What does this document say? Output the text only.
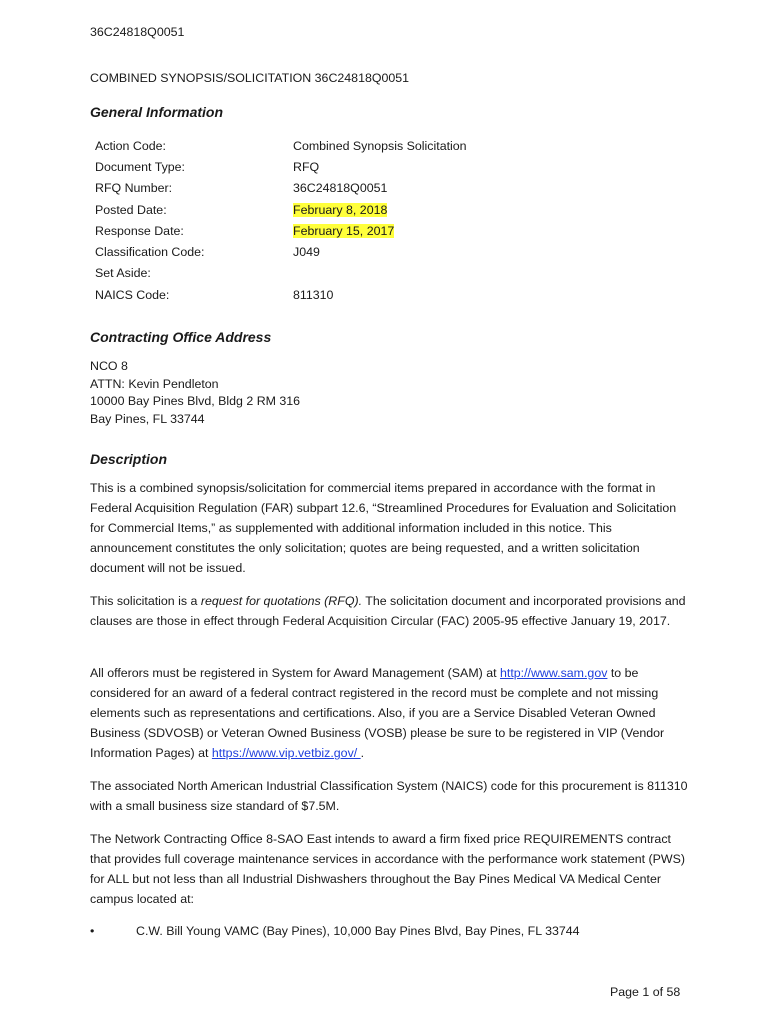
36C24818Q0051
COMBINED SYNOPSIS/SOLICITATION 36C24818Q0051
General Information
Action Code:	Combined Synopsis Solicitation
Document Type:	RFQ
RFQ Number:	36C24818Q0051
Posted Date:	February 8, 2018
Response Date:	February 15, 2017
Classification Code:	J049
Set Aside:
NAICS Code:	811310
Contracting Office Address
NCO 8
ATTN: Kevin Pendleton
10000 Bay Pines Blvd, Bldg 2 RM 316
Bay Pines, FL 33744
Description

This is a combined synopsis/solicitation for commercial items prepared in accordance with the format in Federal Acquisition Regulation (FAR) subpart 12.6, “Streamlined Procedures for Evaluation and Solicitation for Commercial Items,” as supplemented with additional information included in this notice. This announcement constitutes the only solicitation; quotes are being requested, and a written solicitation document will not be issued.

This solicitation is a request for quotations (RFQ). The solicitation document and incorporated provisions and clauses are those in effect through Federal Acquisition Circular (FAC) 2005-95 effective January 19, 2017.

All offerors must be registered in System for Award Management (SAM) at http://www.sam.gov to be considered for an award of a federal contract registered in the record must be complete and not missing elements such as representations and certifications. Also, if you are a Service Disabled Veteran Owned Business (SDVOSB) or Veteran Owned Business (VOSB) please be sure to be registered in VIP (Vendor Information Pages) at https://www.vip.vetbiz.gov/ .

The associated North American Industrial Classification System (NAICS) code for this procurement is 811310 with a small business size standard of $7.5M.

The Network Contracting Office 8-SAO East intends to award a firm fixed price REQUIREMENTS contract that provides full coverage maintenance services in accordance with the performance work statement (PWS) for ALL but not less than all Industrial Dishwashers throughout the Bay Pines Medical VA Medical Center campus located at:

•	C.W. Bill Young VAMC (Bay Pines), 10,000 Bay Pines Blvd, Bay Pines, FL 33744
Page 1 of 58
